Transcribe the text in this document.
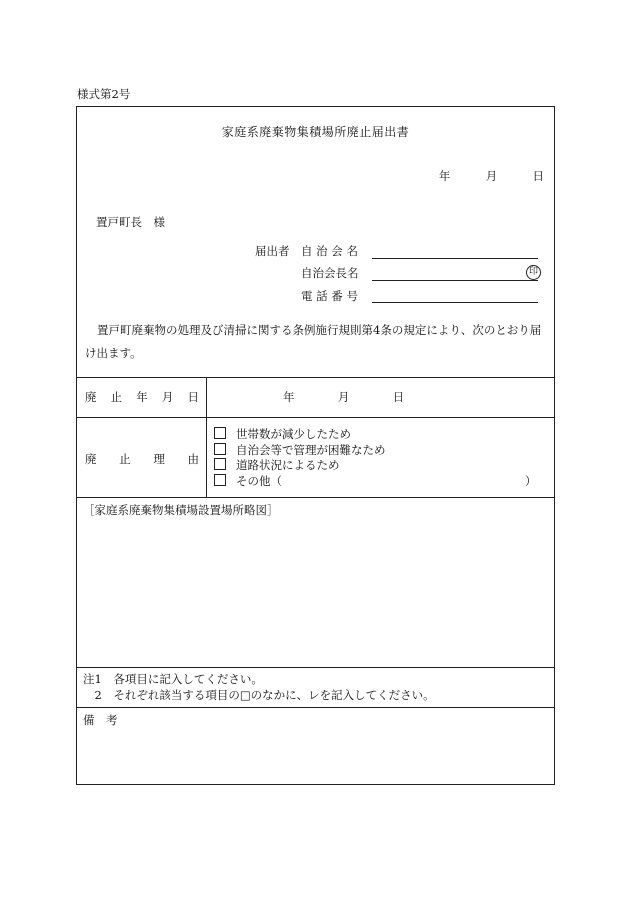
様式第2号
家庭系廃棄物集積場所廃止届出書
年	月	日
置戸町長　様
届出者 自 治 会 名
自治会長名	印
電 話 番 号
置戸町廃棄物の処理及び清掃に関する条例施行規則第4条の規定により、次のとおり届け出ます。
廃 止 年 月 日	年	月	日
廃 止 理 由
世帯数が減少したため
自治会等で管理が困難なため
道路状況によるため
その他（	）
［家庭系廃棄物集積場設置場所略図］
注1　各項目に記入してください。
　2　それぞれ該当する項目の□のなかに、レを記入してください。
備　考
